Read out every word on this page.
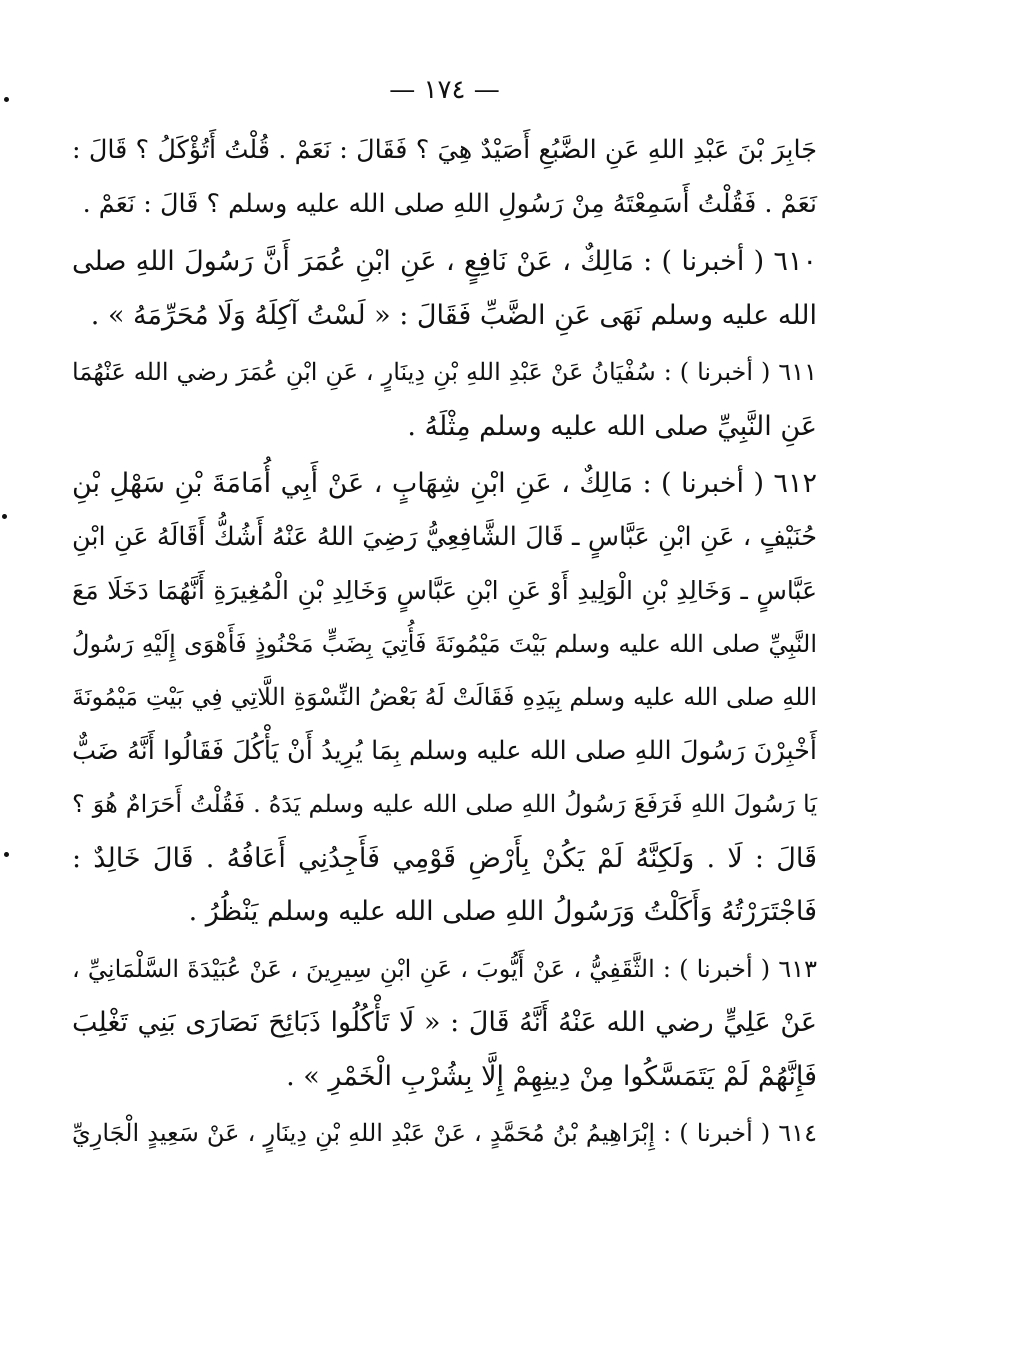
— ١٧٤ —
جَابِرَ بْنَ عَبْدِ اللهِ عَنِ الضَّبُعِ أَصَيْدٌ هِيَ ؟ فَقَالَ : نَعَمْ . قُلْتُ أَتُؤْكَلُ ؟ قَالَ :
نَعَمْ . فَقُلْتُ أَسَمِعْتَهُ مِنْ رَسُولِ اللهِ صلى الله عليه وسلم ؟ قَالَ : نَعَمْ .
٦١٠ ( أخبرنا ) : مَالِكٌ ، عَنْ نَافِعٍ ، عَنِ ابْنِ عُمَرَ أَنَّ رَسُولَ اللهِ صلى
الله عليه وسلم نَهَى عَنِ الضَّبِّ فَقَالَ : « لَسْتُ آكِلَهُ وَلَا مُحَرِّمَهُ » .
٦١١ ( أخبرنا ) : سُفْيَانُ عَنْ عَبْدِ اللهِ بْنِ دِينَارٍ ، عَنِ ابْنِ عُمَرَ رضي الله عَنْهُمَا
عَنِ النَّبِيِّ صلى الله عليه وسلم مِثْلَهُ .
٦١٢ ( أخبرنا ) : مَالِكٌ ، عَنِ ابْنِ شِهَابٍ ، عَنْ أَبِي أُمَامَةَ بْنِ سَهْلِ بْنِ
حُنَيْفٍ ، عَنِ ابْنِ عَبَّاسٍ ـ قَالَ الشَّافِعِيُّ رَضِيَ اللهُ عَنْهُ أَشُكُّ أَقَالَهُ عَنِ ابْنِ
عَبَّاسٍ ـ وَخَالِدِ بْنِ الْوَلِيدِ أَوْ عَنِ ابْنِ عَبَّاسٍ وَخَالِدِ بْنِ الْمُغِيرَةِ أَنَّهُمَا دَخَلَا مَعَ
النَّبِيِّ صلى الله عليه وسلم بَيْتَ مَيْمُونَةَ فَأُتِيَ بِضَبٍّ مَحْنُوذٍ فَأَهْوَى إِلَيْهِ رَسُولُ
اللهِ صلى الله عليه وسلم بِيَدِهِ فَقَالَتْ لَهُ بَعْضُ النِّسْوَةِ اللَّاتِي فِي بَيْتِ مَيْمُونَةَ
أَخْبِرْنَ رَسُولَ اللهِ صلى الله عليه وسلم بِمَا يُرِيدُ أَنْ يَأْكُلَ فَقَالُوا أَنَّهُ ضَبٌّ
يَا رَسُولَ اللهِ فَرَفَعَ رَسُولُ اللهِ صلى الله عليه وسلم يَدَهُ . فَقُلْتُ أَحَرَامٌ هُوَ ؟
قَالَ : لَا . وَلَكِنَّهُ لَمْ يَكُنْ بِأَرْضِ قَوْمِي فَأَجِدُنِي أَعَافُهُ . قَالَ خَالِدٌ :
فَاجْتَرَرْتُهُ وَأَكَلْتُ وَرَسُولُ اللهِ صلى الله عليه وسلم يَنْظُرُ .
٦١٣ ( أخبرنا ) : الثَّقَفِيُّ ، عَنْ أَيُّوبَ ، عَنِ ابْنِ سِيرِينَ ، عَنْ عُبَيْدَةَ السَّلْمَانِيِّ ،
عَنْ عَلِيٍّ رضي الله عَنْهُ أَنَّهُ قَالَ : « لَا تَأْكُلُوا ذَبَائِحَ نَصَارَى بَنِي تَغْلِبَ
فَإِنَّهُمْ لَمْ يَتَمَسَّكُوا مِنْ دِينِهِمْ إِلَّا بِشُرْبِ الْخَمْرِ » .
٦١٤ ( أخبرنا ) : إِبْرَاهِيمُ بْنُ مُحَمَّدٍ ، عَنْ عَبْدِ اللهِ بْنِ دِينَارٍ ، عَنْ سَعِيدٍ الْجَارِيِّ
